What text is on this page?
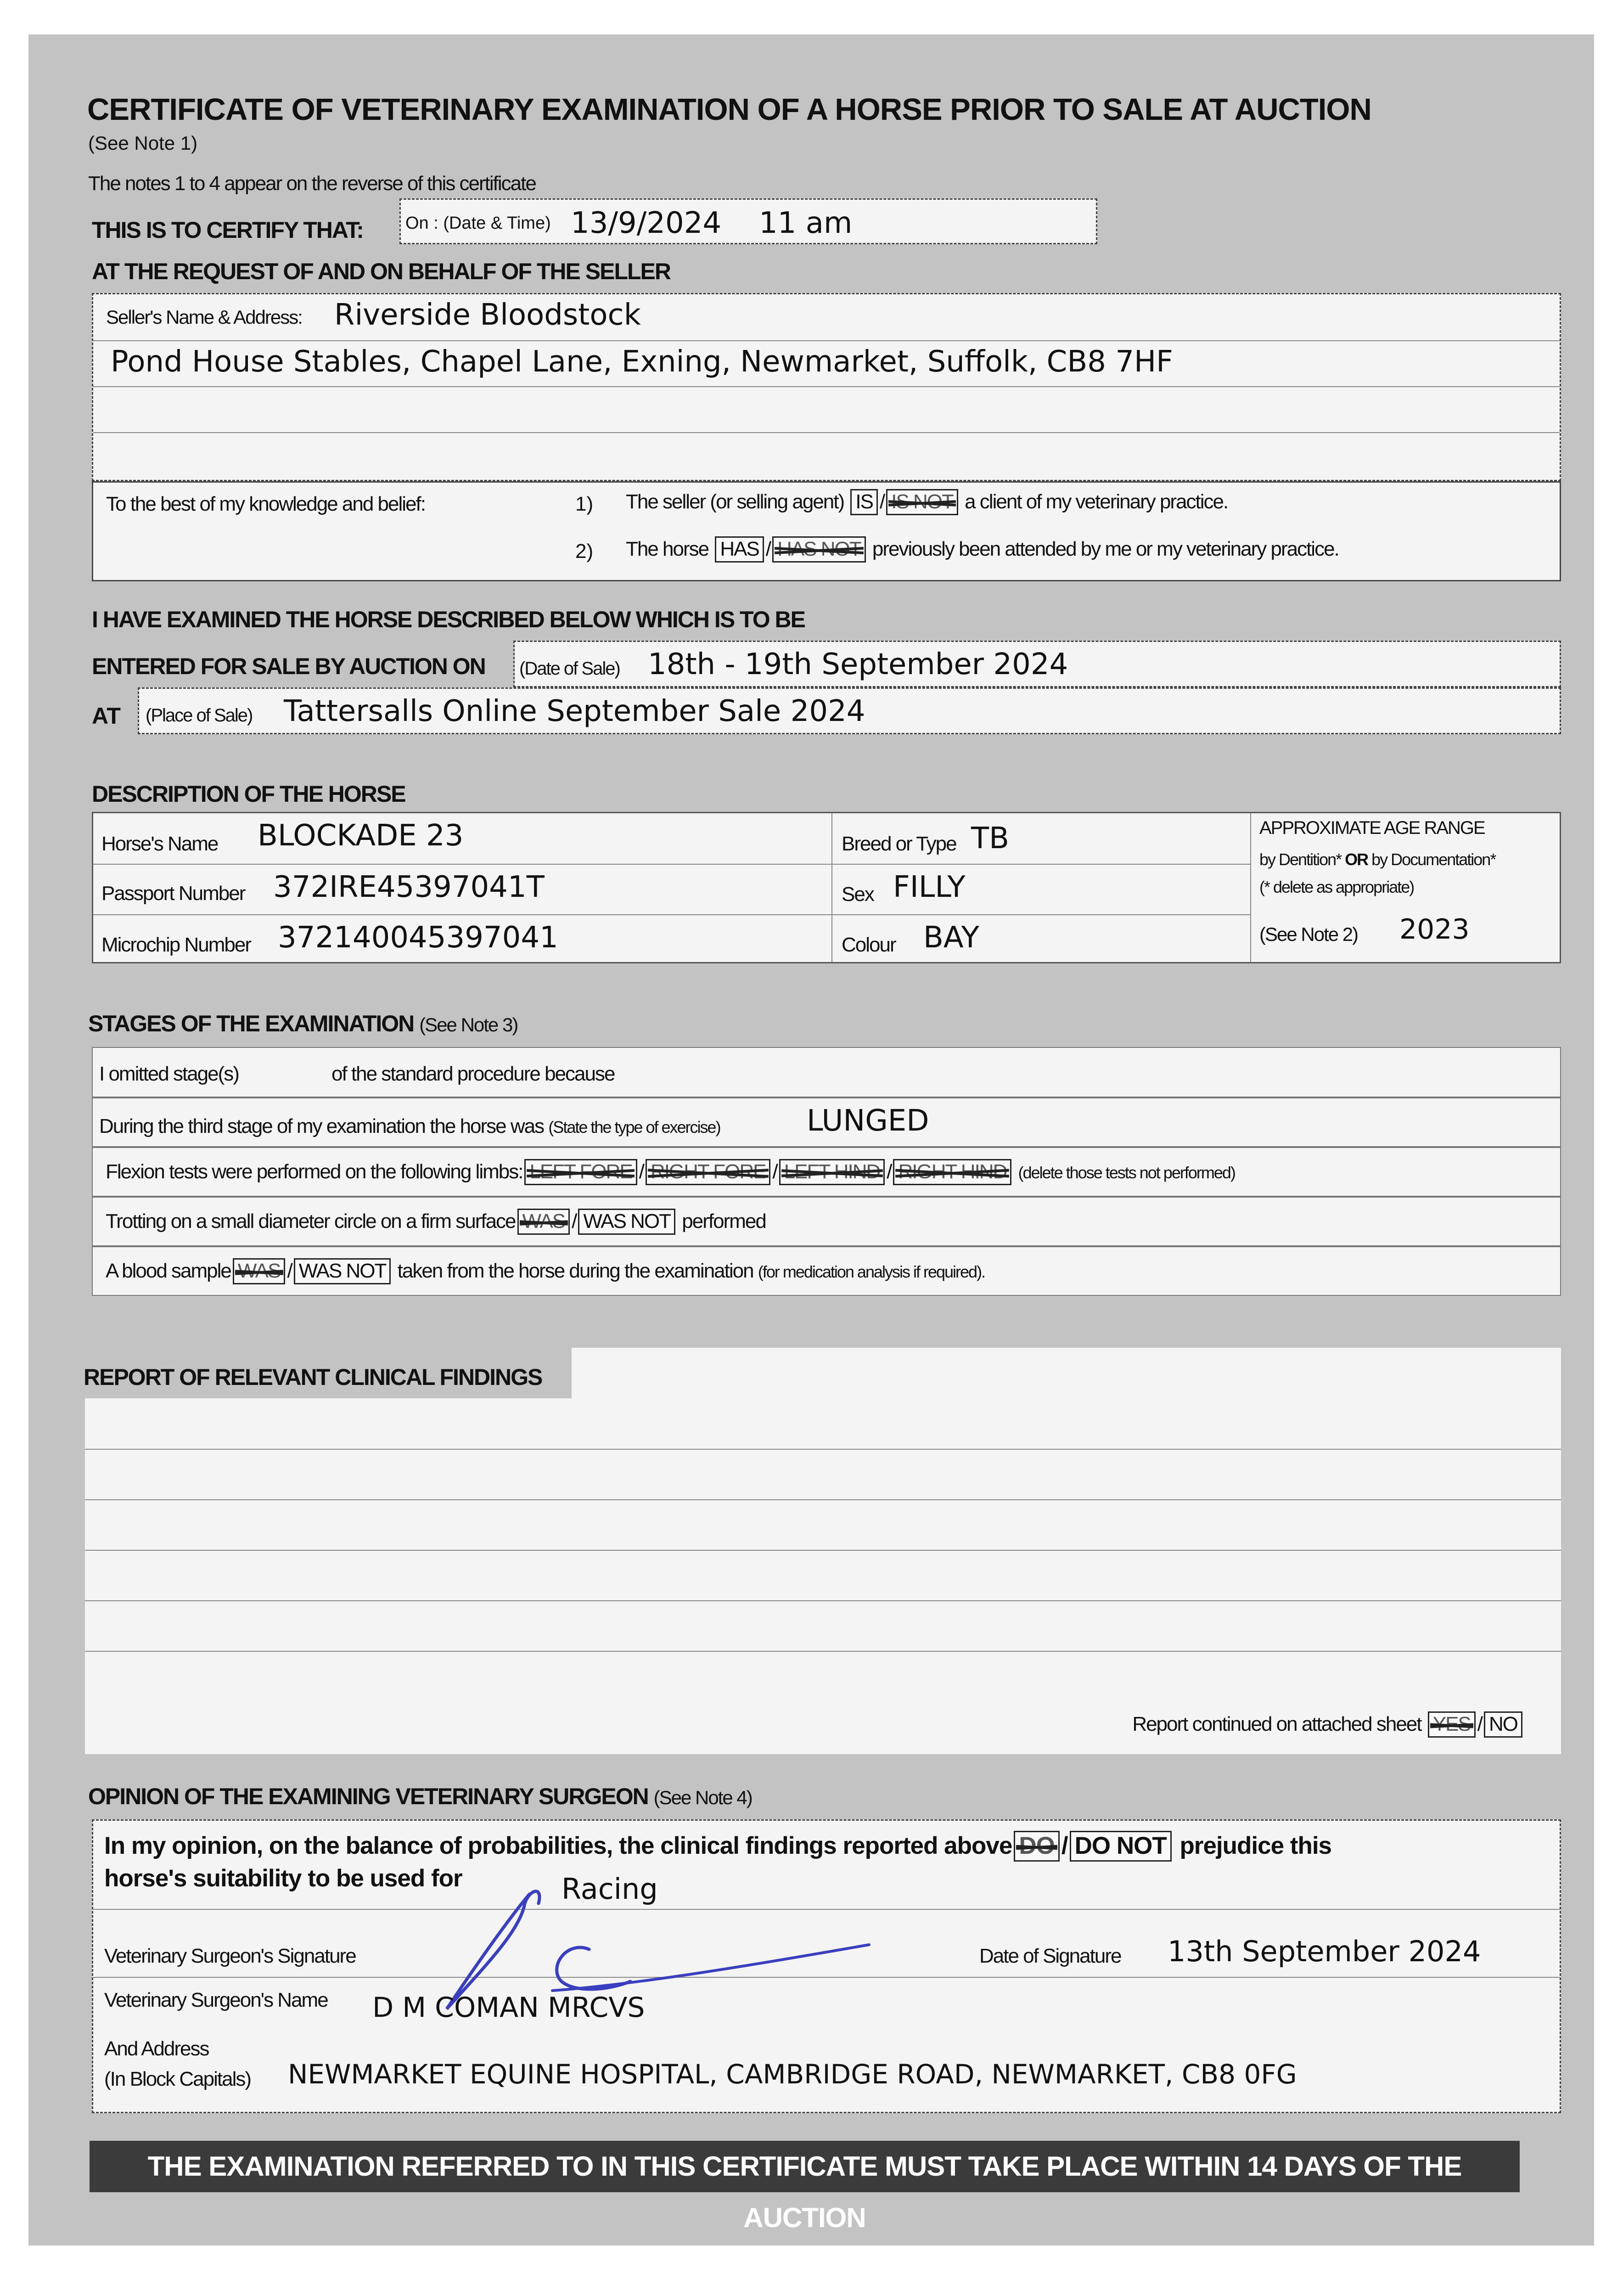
CERTIFICATE OF VETERINARY EXAMINATION OF A HORSE PRIOR TO SALE AT AUCTION
(See Note 1)
The notes 1 to 4 appear on the reverse of this certificate
THIS IS TO CERTIFY THAT: On : (Date & Time) 13/9/2024 11 am
AT THE REQUEST OF AND ON BEHALF OF THE SELLER
Seller's Name & Address: Riverside Bloodstock
Pond House Stables, Chapel Lane, Exning, Newmarket, Suffolk, CB8 7HF
To the best of my knowledge and belief:	1) The seller (or selling agent) IS / IS NOT a client of my veterinary practice.
2) The horse HAS / HAS NOT previously been attended by me or my veterinary practice.
I HAVE EXAMINED THE HORSE DESCRIBED BELOW WHICH IS TO BE
ENTERED FOR SALE BY AUCTION ON (Date of Sale) 18th - 19th September 2024
AT (Place of Sale) Tattersalls Online September Sale 2024
DESCRIPTION OF THE HORSE
Horse's Name BLOCKADE 23
Passport Number 372IRE45397041T
Microchip Number 372140045397041
Breed or Type TB
Sex FILLY
Colour BAY
APPROXIMATE AGE RANGE
by Dentition* OR by Documentation*
(* delete as appropriate)
(See Note 2) 2023
STAGES OF THE EXAMINATION (See Note 3)
I omitted stage(s)	of the standard procedure because
During the third stage of my examination the horse was (State the type of exercise)	LUNGED
Flexion tests were performed on the following limbs: LEFT FORE / RIGHT FORE / LEFT HIND / RIGHT HIND (delete those tests not performed)
Trotting on a small diameter circle on a firm surface WAS / WAS NOT performed
A blood sample WAS / WAS NOT taken from the horse during the examination (for medication analysis if required).
REPORT OF RELEVANT CLINICAL FINDINGS
Report continued on attached sheet YES / NO
OPINION OF THE EXAMINING VETERINARY SURGEON (See Note 4)
In my opinion, on the balance of probabilities, the clinical findings reported above DO / DO NOT prejudice this
horse's suitability to be used for	Racing
Veterinary Surgeon's Signature	Date of Signature 13th September 2024
Veterinary Surgeon's Name D M COMAN MRCVS
And Address
(In Block Capitals) NEWMARKET EQUINE HOSPITAL, CAMBRIDGE ROAD, NEWMARKET, CB8 0FG
THE EXAMINATION REFERRED TO IN THIS CERTIFICATE MUST TAKE PLACE WITHIN 14 DAYS OF THE AUCTION
